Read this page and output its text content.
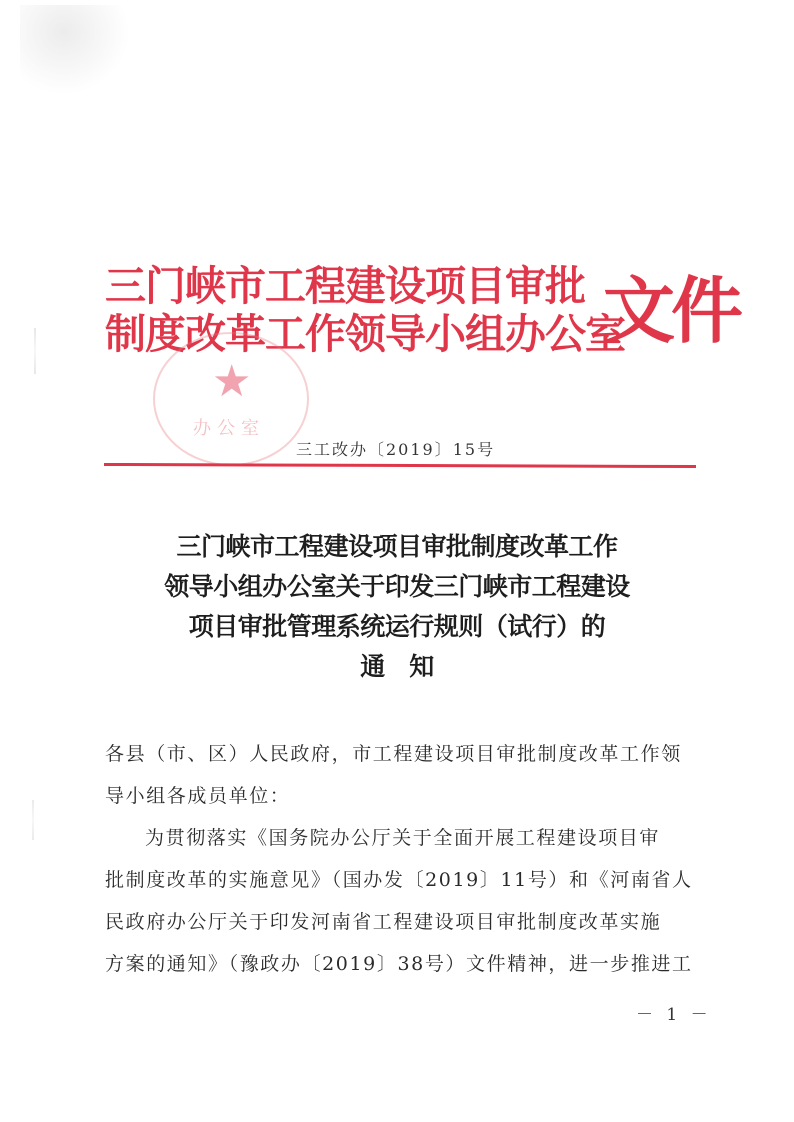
三门峡市工程建设项目审批
制度改革工作领导小组办公室
文件
★
办公室
三工改办〔2019〕15号
三门峡市工程建设项目审批制度改革工作
领导小组办公室关于印发三门峡市工程建设
项目审批管理系统运行规则（试行）的
通　知

各县（市、区）人民政府，市工程建设项目审批制度改革工作领

导小组各成员单位：

为贯彻落实《国务院办公厅关于全面开展工程建设项目审

批制度改革的实施意见》（国办发〔2019〕11号）和《河南省人

民政府办公厅关于印发河南省工程建设项目审批制度改革实施

方案的通知》（豫政办〔2019〕38号）文件精神，进一步推进工

－ 1 －
